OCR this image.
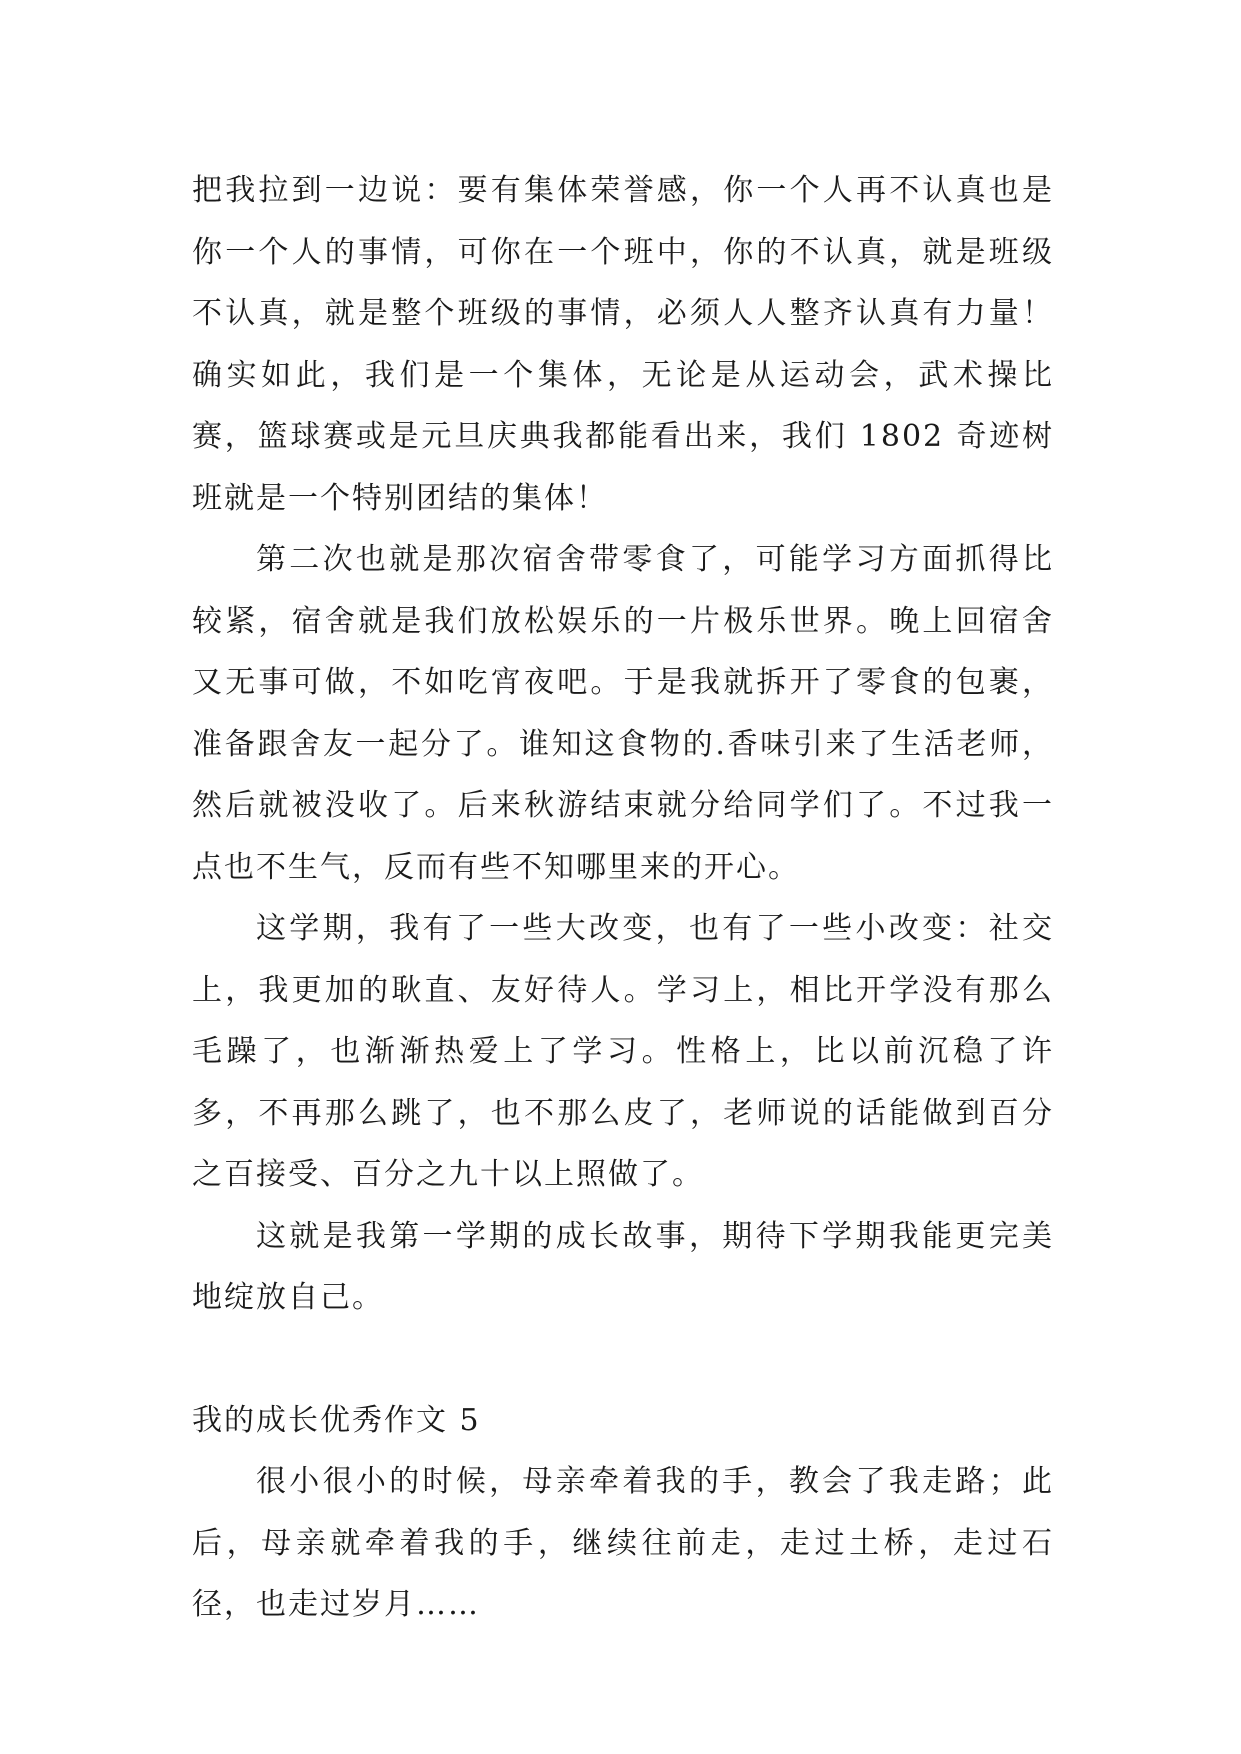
把我拉到一边说：要有集体荣誉感，你一个人再不认真也是你一个人的事情，可你在一个班中，你的不认真，就是班级不认真，就是整个班级的事情，必须人人整齐认真有力量！确实如此，我们是一个集体，无论是从运动会，武术操比赛，篮球赛或是元旦庆典我都能看出来，我们 1802 奇迹树班就是一个特别团结的集体！

第二次也就是那次宿舍带零食了，可能学习方面抓得比较紧，宿舍就是我们放松娱乐的一片极乐世界。晚上回宿舍又无事可做，不如吃宵夜吧。于是我就拆开了零食的包裹，准备跟舍友一起分了。谁知这食物的.香味引来了生活老师，然后就被没收了。后来秋游结束就分给同学们了。不过我一点也不生气，反而有些不知哪里来的开心。

这学期，我有了一些大改变，也有了一些小改变：社交上，我更加的耿直、友好待人。学习上，相比开学没有那么毛躁了，也渐渐热爱上了学习。性格上，比以前沉稳了许多，不再那么跳了，也不那么皮了，老师说的话能做到百分之百接受、百分之九十以上照做了。

这就是我第一学期的成长故事，期待下学期我能更完美地绽放自己。

我的成长优秀作文 5

很小很小的时候，母亲牵着我的手，教会了我走路；此后，母亲就牵着我的手，继续往前走，走过土桥，走过石径，也走过岁月……
